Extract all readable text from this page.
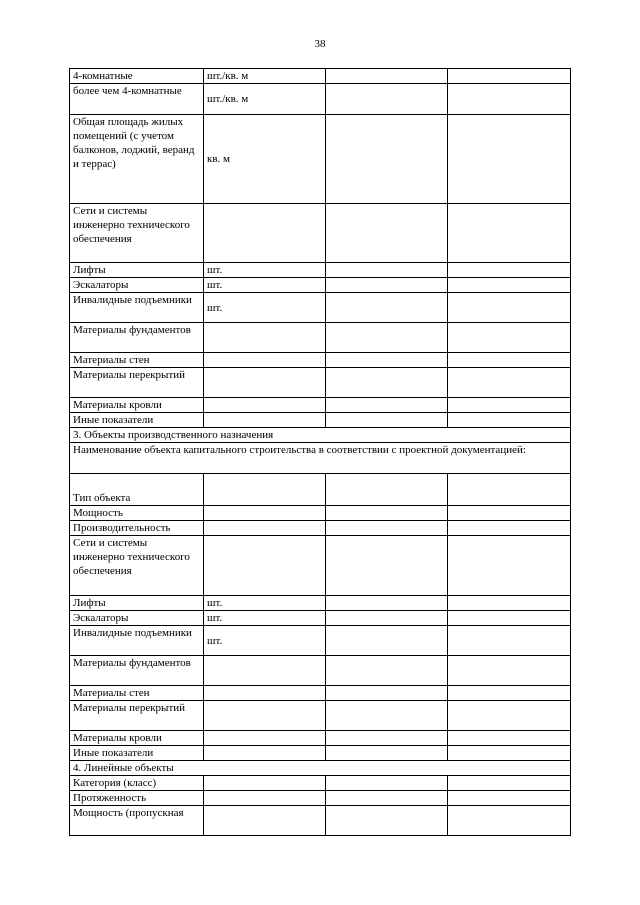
38
4-комнатные	шт./кв. м		
более чем 4-комнатные	шт./кв. м		
Общая площадь жилых помещений (с учетом балконов, лоджий, веранд и террас)	кв. м		
Сети и системы инженерно технического обеспечения			
Лифты	шт.		
Эскалаторы	шт.		
Инвалидные подъемники	шт.		
Материалы фундаментов			
Материалы стен			
Материалы перекрытий			
Материалы кровли			
Иные показатели			
3. Объекты производственного назначения			
Наименование объекта капитального строительства в соответствии с проектной документацией:			
Тип объекта			
Мощность			
Производительность			
Сети и системы инженерно технического обеспечения			
Лифты	шт.		
Эскалаторы	шт.		
Инвалидные подъемники	шт.		
Материалы фундаментов			
Материалы стен			
Материалы перекрытий			
Материалы кровли			
Иные показатели			
4. Линейные объекты			
Категория (класс)			
Протяженность			
Мощность (пропускная			
